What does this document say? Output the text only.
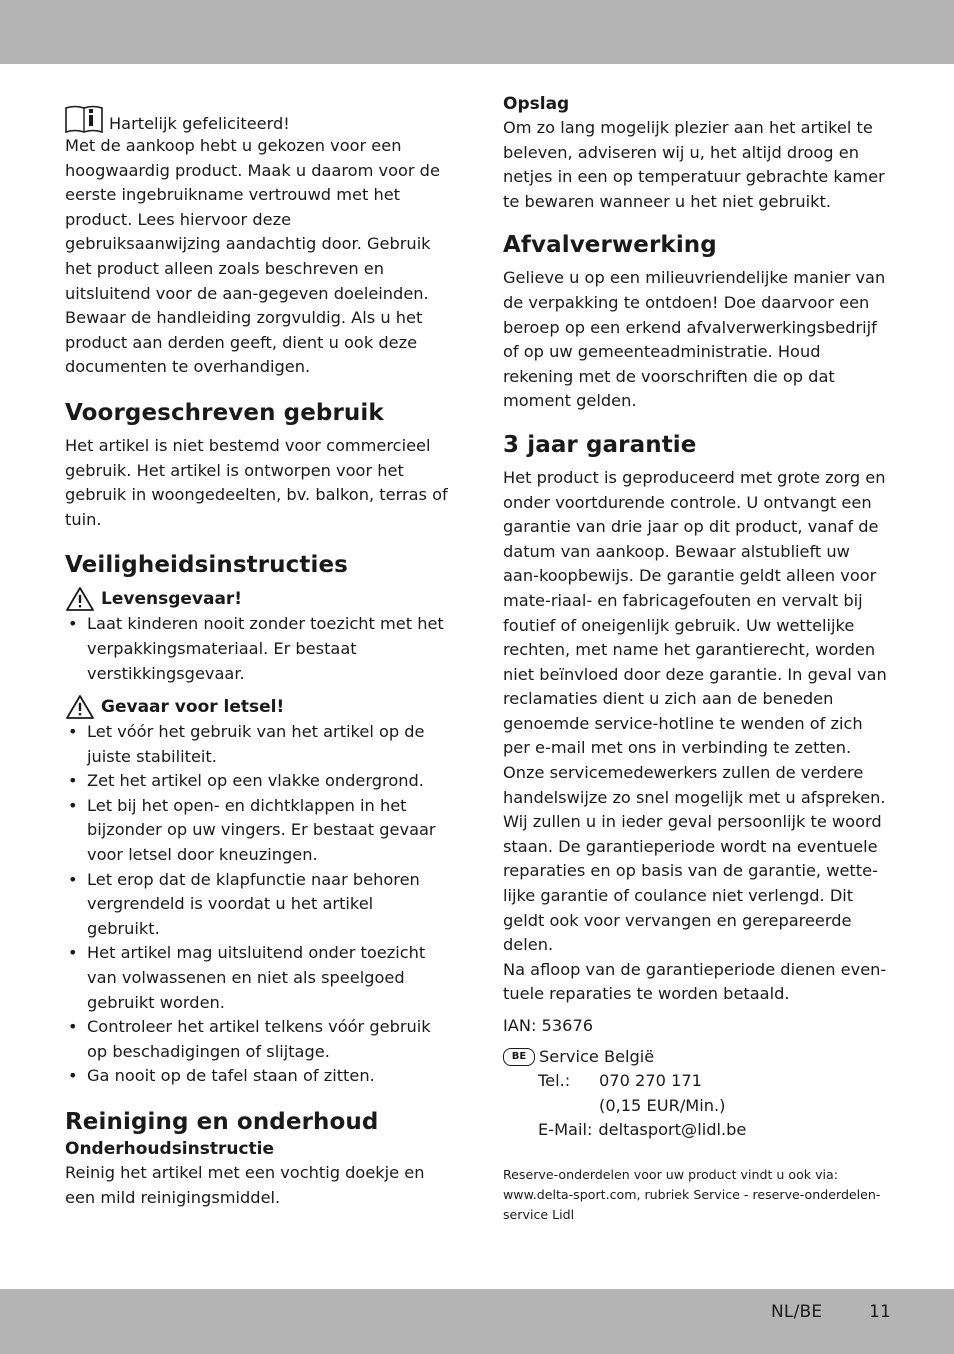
Hartelijk gefeliciteerd!

Met de aankoop hebt u gekozen voor een hoogwaardig product. Maak u daarom voor de eerste ingebruikname vertrouwd met het product. Lees hiervoor deze gebruiksaanwijzing aandachtig door. Gebruik het product alleen zoals beschreven en uitsluitend voor de aan-gegeven doeleinden. Bewaar de handleiding zorgvuldig. Als u het product aan derden geeft, dient u ook deze documenten te overhandigen.

Voorgeschreven gebruik

Het artikel is niet bestemd voor commercieel gebruik. Het artikel is ontworpen voor het gebruik in woongedeelten, bv. balkon, terras of tuin.

Veiligheidsinstructies
Levensgevaar!
• Laat kinderen nooit zonder toezicht met het verpakkingsmateriaal. Er bestaat verstikkingsgevaar.
Gevaar voor letsel!
• Let vóór het gebruik van het artikel op de juiste stabiliteit.
• Zet het artikel op een vlakke ondergrond.
• Let bij het open- en dichtklappen in het bijzonder op uw vingers. Er bestaat gevaar voor letsel door kneuzingen.
• Let erop dat de klapfunctie naar behoren vergrendeld is voordat u het artikel gebruikt.
• Het artikel mag uitsluitend onder toezicht van volwassenen en niet als speelgoed gebruikt worden.
• Controleer het artikel telkens vóór gebruik op beschadigingen of slijtage.
• Ga nooit op de tafel staan of zitten.
Reiniging en onderhoud
Onderhoudsinstructie

Reinig het artikel met een vochtig doekje en een mild reinigingsmiddel.

Opslag

Om zo lang mogelijk plezier aan het artikel te beleven, adviseren wij u, het altijd droog en netjes in een op temperatuur gebrachte kamer te bewaren wanneer u het niet gebruikt.

Afvalverwerking

Gelieve u op een milieuvriendelijke manier van de verpakking te ontdoen! Doe daarvoor een beroep op een erkend afvalverwerkingsbedrijf of op uw gemeenteadministratie. Houd rekening met de voorschriften die op dat moment gelden.

3 jaar garantie

Het product is geproduceerd met grote zorg en onder voortdurende controle. U ontvangt een garantie van drie jaar op dit product, vanaf de datum van aankoop. Bewaar alstublieft uw aan-koopbewijs. De garantie geldt alleen voor mate-riaal- en fabricagefouten en vervalt bij foutief of oneigenlijk gebruik. Uw wettelijke rechten, met name het garantierecht, worden niet beïnvloed door deze garantie. In geval van reclamaties dient u zich aan de beneden genoemde service-hotline te wenden of zich per e-mail met ons in verbinding te zetten.

Onze servicemedewerkers zullen de verdere handelswijze zo snel mogelijk met u afspreken. Wij zullen u in ieder geval persoonlijk te woord staan. De garantieperiode wordt na eventuele reparaties en op basis van de garantie, wette-lijke garantie of coulance niet verlengd. Dit geldt ook voor vervangen en gerepareerde delen.

Na afloop van de garantieperiode dienen even-tuele reparaties te worden betaald.

IAN: 53676

BE Service België
Tel.:	070 270 171
(0,15 EUR/Min.)
E-Mail: deltasport@lidl.be

Reserve-onderdelen voor uw product vindt u ook via: www.delta-sport.com, rubriek Service - reserve-onderdelen-service Lidl

NL/BE	11
